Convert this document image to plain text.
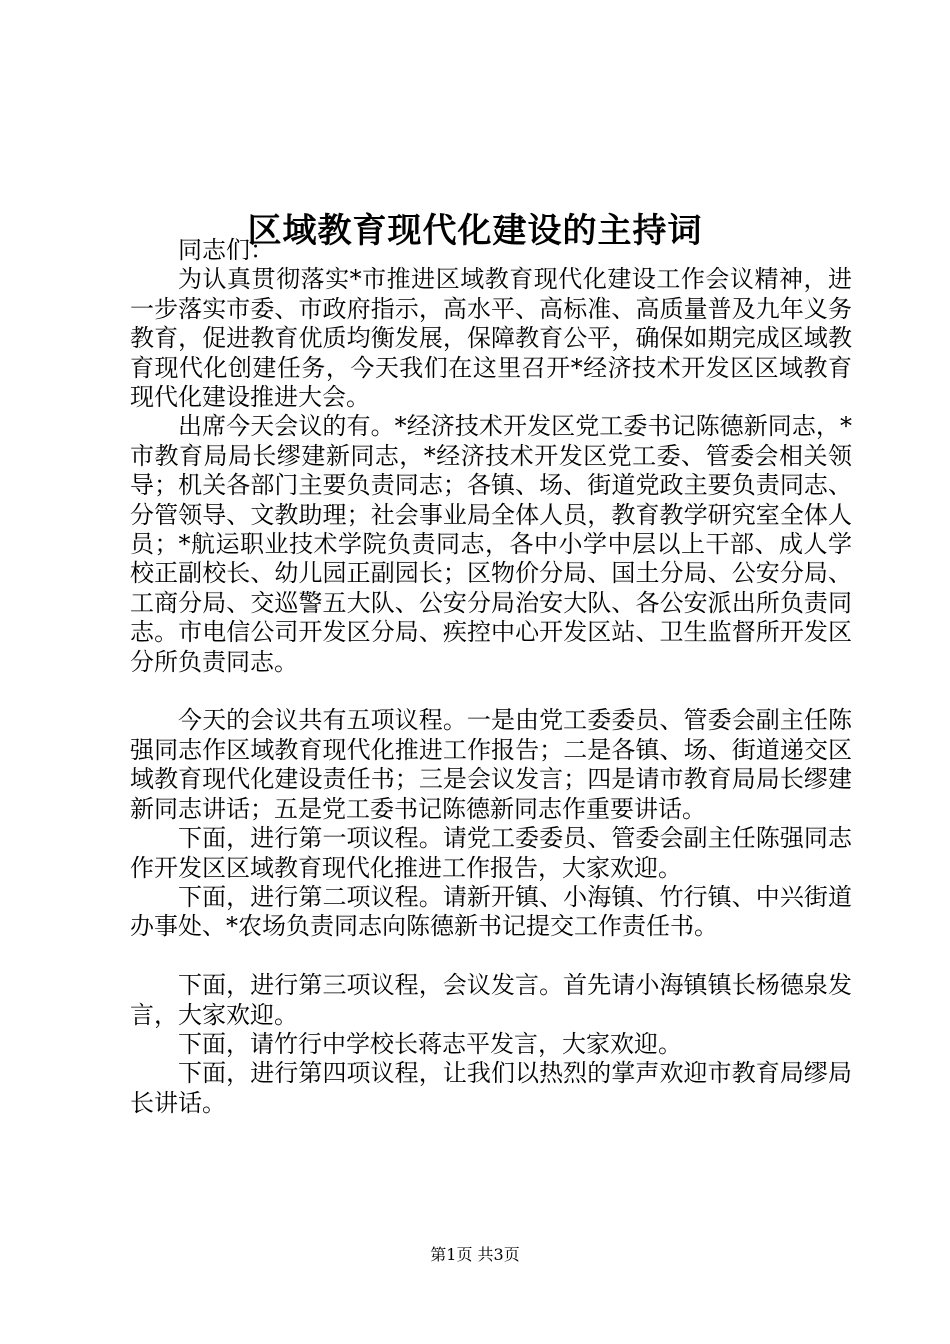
区域教育现代化建设的主持词

同志们：

为认真贯彻落实*市推进区域教育现代化建设工作会议精神，进一步落实市委、市政府指示，高水平、高标准、高质量普及九年义务教育，促进教育优质均衡发展，保障教育公平，确保如期完成区域教育现代化创建任务，今天我们在这里召开*经济技术开发区区域教育现代化建设推进大会。

出席今天会议的有。*经济技术开发区党工委书记陈德新同志，*市教育局局长缪建新同志，*经济技术开发区党工委、管委会相关领导；机关各部门主要负责同志；各镇、场、街道党政主要负责同志、分管领导、文教助理；社会事业局全体人员，教育教学研究室全体人员；*航运职业技术学院负责同志，各中小学中层以上干部、成人学校正副校长、幼儿园正副园长；区物价分局、国土分局、公安分局、工商分局、交巡警五大队、公安分局治安大队、各公安派出所负责同志。市电信公司开发区分局、疾控中心开发区站、卫生监督所开发区分所负责同志。

今天的会议共有五项议程。一是由党工委委员、管委会副主任陈强同志作区域教育现代化推进工作报告；二是各镇、场、街道递交区域教育现代化建设责任书；三是会议发言；四是请市教育局局长缪建新同志讲话；五是党工委书记陈德新同志作重要讲话。

下面，进行第一项议程。请党工委委员、管委会副主任陈强同志作开发区区域教育现代化推进工作报告，大家欢迎。

下面，进行第二项议程。请新开镇、小海镇、竹行镇、中兴街道办事处、*农场负责同志向陈德新书记提交工作责任书。

下面，进行第三项议程，会议发言。首先请小海镇镇长杨德泉发言，大家欢迎。

下面，请竹行中学校长蒋志平发言，大家欢迎。

下面，进行第四项议程，让我们以热烈的掌声欢迎市教育局缪局长讲话。

第1页 共3页
